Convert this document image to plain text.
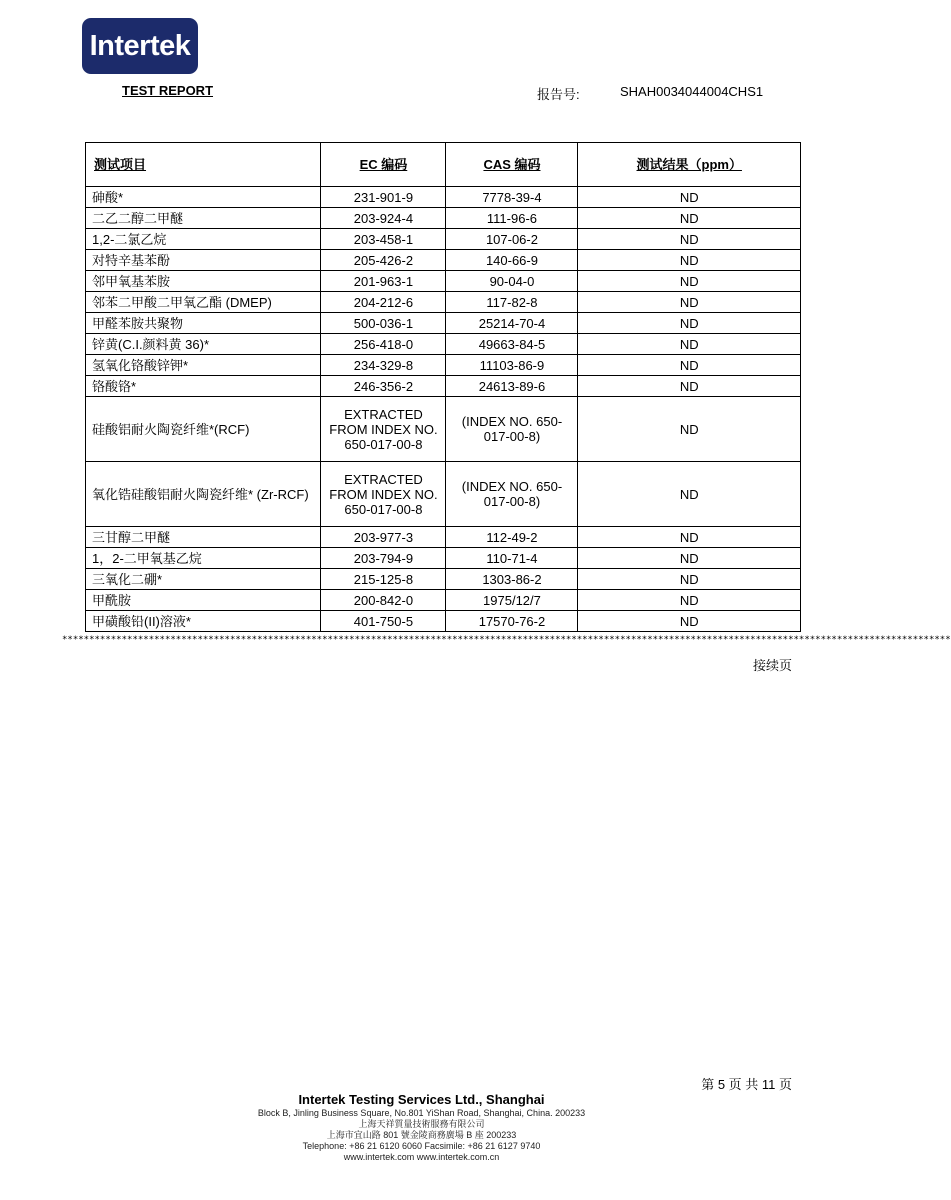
Intertek
TEST REPORT	报告号:	SHAH0034044004CHS1
测试项目	EC 编码	CAS 编码	测试结果（ppm）
砷酸*	231-901-9	7778-39-4	ND
二乙二醇二甲醚	203-924-4	111-96-6	ND
1,2-二氯乙烷	203-458-1	107-06-2	ND
对特辛基苯酚	205-426-2	140-66-9	ND
邻甲氧基苯胺	201-963-1	90-04-0	ND
邻苯二甲酸二甲氧乙酯 (DMEP)	204-212-6	117-82-8	ND
甲醛苯胺共聚物	500-036-1	25214-70-4	ND
锌黄(C.I.颜料黄 36)*	256-418-0	49663-84-5	ND
氢氧化铬酸锌钾*	234-329-8	11103-86-9	ND
铬酸铬*	246-356-2	24613-89-6	ND
硅酸铝耐火陶瓷纤维*(RCF)	EXTRACTED FROM INDEX NO. 650-017-00-8	(INDEX NO. 650-017-00-8)	ND
氧化锆硅酸铝耐火陶瓷纤维* (Zr-RCF)	EXTRACTED FROM INDEX NO. 650-017-00-8	(INDEX NO. 650-017-00-8)	ND
三甘醇二甲醚	203-977-3	112-49-2	ND
1，2-二甲氧基乙烷	203-794-9	110-71-4	ND
三氧化二硼*	215-125-8	1303-86-2	ND
甲酰胺	200-842-0	1975/12/7	ND
甲磺酸铅(II)溶液*	401-750-5	17570-76-2	ND
********************************************************************************************************************************************************************
接续页
第 5 页 共 11 页
Intertek Testing Services Ltd., Shanghai
Block B, Jinling Business Square, No.801 YiShan Road, Shanghai, China. 200233
上海天祥質量技術服務有限公司
上海市宜山路 801 號金陵商務廣場 B 座 200233
Telephone: +86 21 6120 6060 Facsimile: +86 21 6127 9740
www.intertek.com www.intertek.com.cn
